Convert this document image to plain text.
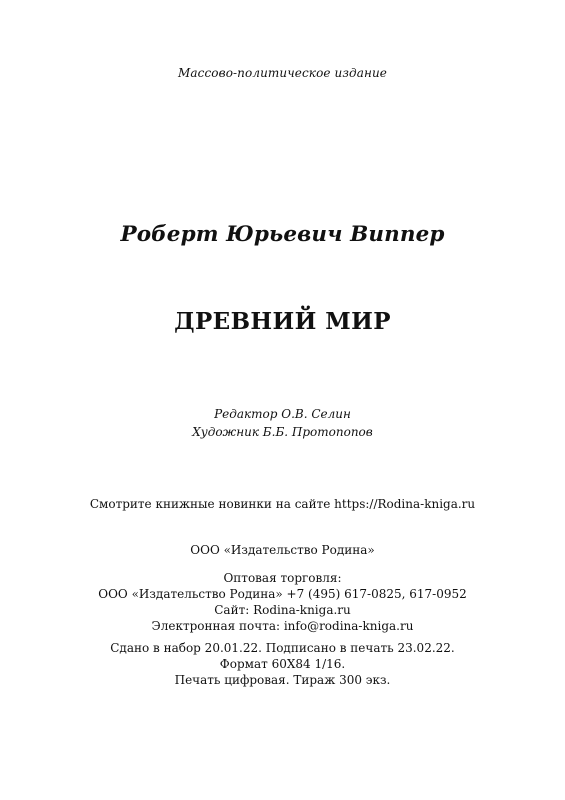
Массово-политическое издание
Роберт Юрьевич Виппер
ДРЕВНИЙ МИР
Редактор О.В. Селин
Художник Б.Б. Протопопов
Смотрите книжные новинки на сайте https://Rodina-kniga.ru
ООО «Издательство Родина»
Оптовая торговля:
ООО «Издательство Родина» +7 (495) 617-0825, 617-0952
Сайт: Rodina-kniga.ru
Электронная почта: info@rodina-kniga.ru
Сдано в набор 20.01.22. Подписано в печать 23.02.22.
Формат 60X84 1/16.
Печать цифровая. Тираж 300 экз.
